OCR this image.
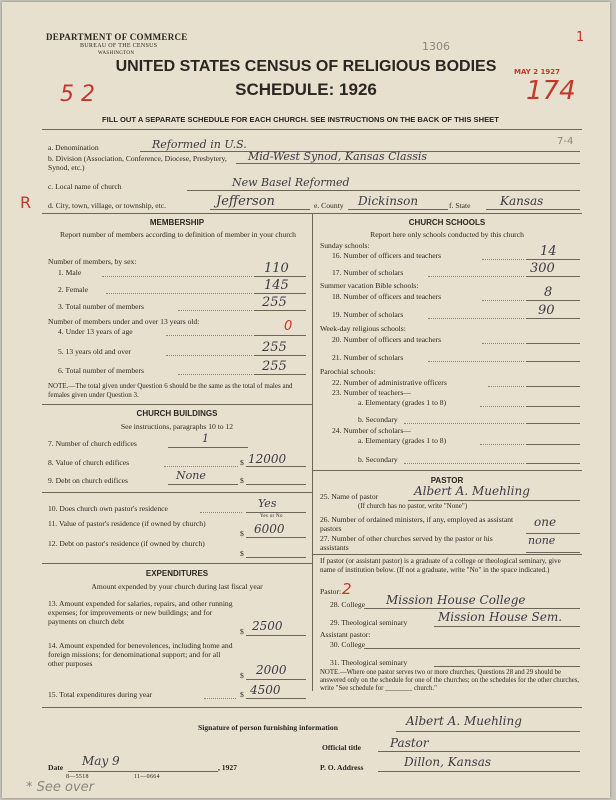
DEPARTMENT OF COMMERCE
BUREAU OF THE CENSUS
WASHINGTON
1306
MAY 2 1927
1
UNITED STATES CENSUS OF RELIGIOUS BODIES
SCHEDULE: 1926
5 2	174
FILL OUT A SEPARATE SCHEDULE FOR EACH CHURCH. SEE INSTRUCTIONS ON THE BACK OF THIS SHEET
7-4
a. Denomination	Reformed in U.S.
b. Division (Association, Conference, Diocese, Presbytery, Synod, etc.)
Mid-West Synod, Kansas Classis
c. Local name of church	New Basel Reformed
R d. City, town, village, or township, etc.	Jefferson	e. County Dickinson	f. State Kansas
MEMBERSHIP
Report number of members according to definition of member in your church
Number of members, by sex:
1. Male	110
2. Female	145
3. Total number of members	255
Number of members under and over 13 years old:
4. Under 13 years of age	0
5. 13 years old and over	255
6. Total number of members	255
NOTE.—The total given under Question 6 should be the same as the total of males and females given under Question 3.
CHURCH BUILDINGS
See instructions, paragraphs 10 to 12
7. Number of church edifices	1
8. Value of church edifices	$ 12000
9. Debt on church edifices	None	$
10. Does church own pastor's residence	Yes
Yes or No
11. Value of pastor's residence (if owned by church)
$ 6000
12. Debt on pastor's residence (if owned by church)
$
EXPENDITURES
Amount expended by your church during last fiscal year
13. Amount expended for salaries, repairs, and other running expenses; for improvements or new buildings; and for payments on church debt
$ 2500
14. Amount expended for benevolences, including home and foreign missions; for denominational support; and for all other purposes
$ 2000
15. Total expenditures during year	$ 4500
CHURCH SCHOOLS
Report here only schools conducted by this church
Sunday schools:
16. Number of officers and teachers	14
17. Number of scholars	300
Summer vacation Bible schools:
18. Number of officers and teachers	8
19. Number of scholars	90
Week-day religious schools:
20. Number of officers and teachers
21. Number of scholars
Parochial schools:
22. Number of administrative officers
23. Number of teachers—
a. Elementary (grades 1 to 8)
b. Secondary
24. Number of scholars—
a. Elementary (grades 1 to 8)
b. Secondary
PASTOR
25. Name of pastor	Albert A. Muehling
(If church has no pastor, write "None")
26. Number of ordained ministers, if any, employed as assistant pastors	one
27. Number of other churches served by the pastor or his assistants
none
If pastor (or assistant pastor) is a graduate of a college or theological seminary, give name of institution below. (If not a graduate, write "No" in the space indicated.)
Pastor: 2
28. College Mission House College
29. Theological seminary	Mission House Sem.
Assistant pastor:
30. College
31. Theological seminary
NOTE.—Where one pastor serves two or more churches, Questions 28 and 29 should be answered only on the schedule for one of the churches; on the schedules for the other churches, write "See schedule for ________ church."
Signature of person furnishing information	Albert A. Muehling
Official title Pastor
Date May 9	, 1927	P. O. Address	Dillon, Kansas
8—5518	11—0664
* See over
